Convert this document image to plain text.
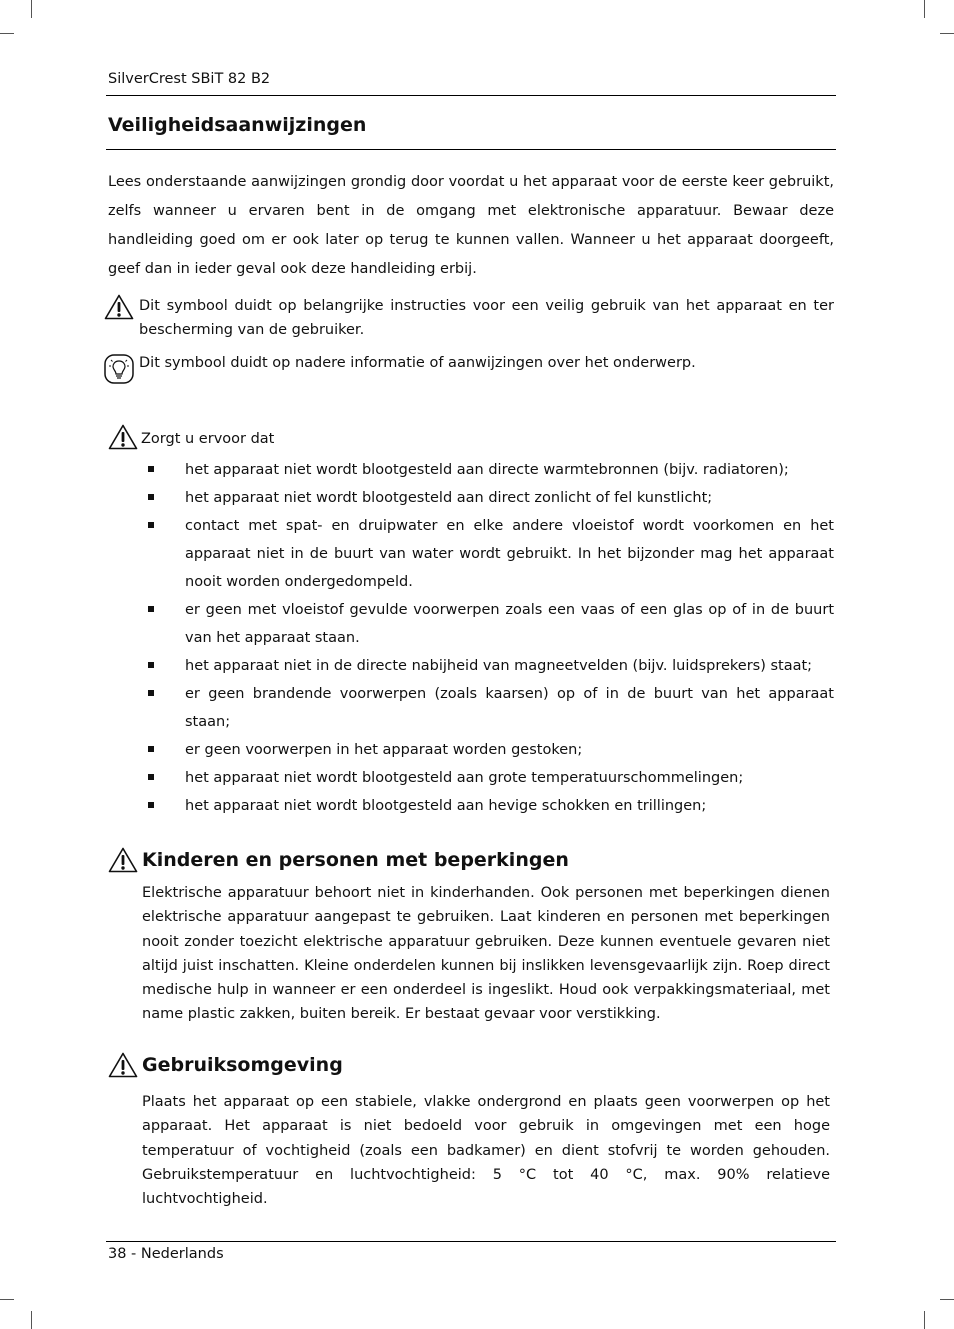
SilverCrest SBiT 82 B2
Veiligheidsaanwijzingen

Lees onderstaande aanwijzingen grondig door voordat u het apparaat voor de eerste keer gebruikt, zelfs wanneer u ervaren bent in de omgang met elektronische apparatuur. Bewaar deze handleiding goed om er ook later op terug te kunnen vallen. Wanneer u het apparaat doorgeeft, geef dan in ieder geval ook deze handleiding erbij.

Dit symbool duidt op belangrijke instructies voor een veilig gebruik van het apparaat en ter bescherming van de gebruiker.
Dit symbool duidt op nadere informatie of aanwijzingen over het onderwerp.
Zorgt u ervoor dat
het apparaat niet wordt blootgesteld aan directe warmtebronnen (bijv. radiatoren);
het apparaat niet wordt blootgesteld aan direct zonlicht of fel kunstlicht;
contact met spat- en druipwater en elke andere vloeistof wordt voorkomen en het apparaat niet in de buurt van water wordt gebruikt. In het bijzonder mag het apparaat nooit worden ondergedompeld.
er geen met vloeistof gevulde voorwerpen zoals een vaas of een glas op of in de buurt van het apparaat staan.
het apparaat niet in de directe nabijheid van magneetvelden (bijv. luidsprekers) staat;
er geen brandende voorwerpen (zoals kaarsen) op of in de buurt van het apparaat staan;
er geen voorwerpen in het apparaat worden gestoken;
het apparaat niet wordt blootgesteld aan grote temperatuurschommelingen;
het apparaat niet wordt blootgesteld aan hevige schokken en trillingen;
Kinderen en personen met beperkingen

Elektrische apparatuur behoort niet in kinderhanden. Ook personen met beperkingen dienen elektrische apparatuur aangepast te gebruiken. Laat kinderen en personen met beperkingen nooit zonder toezicht elektrische apparatuur gebruiken. Deze kunnen eventuele gevaren niet altijd juist inschatten. Kleine onderdelen kunnen bij inslikken levensgevaarlijk zijn. Roep direct medische hulp in wanneer er een onderdeel is ingeslikt. Houd ook verpakkingsmateriaal, met name plastic zakken, buiten bereik. Er bestaat gevaar voor verstikking.

Gebruiksomgeving

Plaats het apparaat op een stabiele, vlakke ondergrond en plaats geen voorwerpen op het apparaat. Het apparaat is niet bedoeld voor gebruik in omgevingen met een hoge temperatuur of vochtigheid (zoals een badkamer) en dient stofvrij te worden gehouden. Gebruikstemperatuur en luchtvochtigheid: 5 °C tot 40 °C, max. 90% relatieve luchtvochtigheid.

38 - Nederlands
